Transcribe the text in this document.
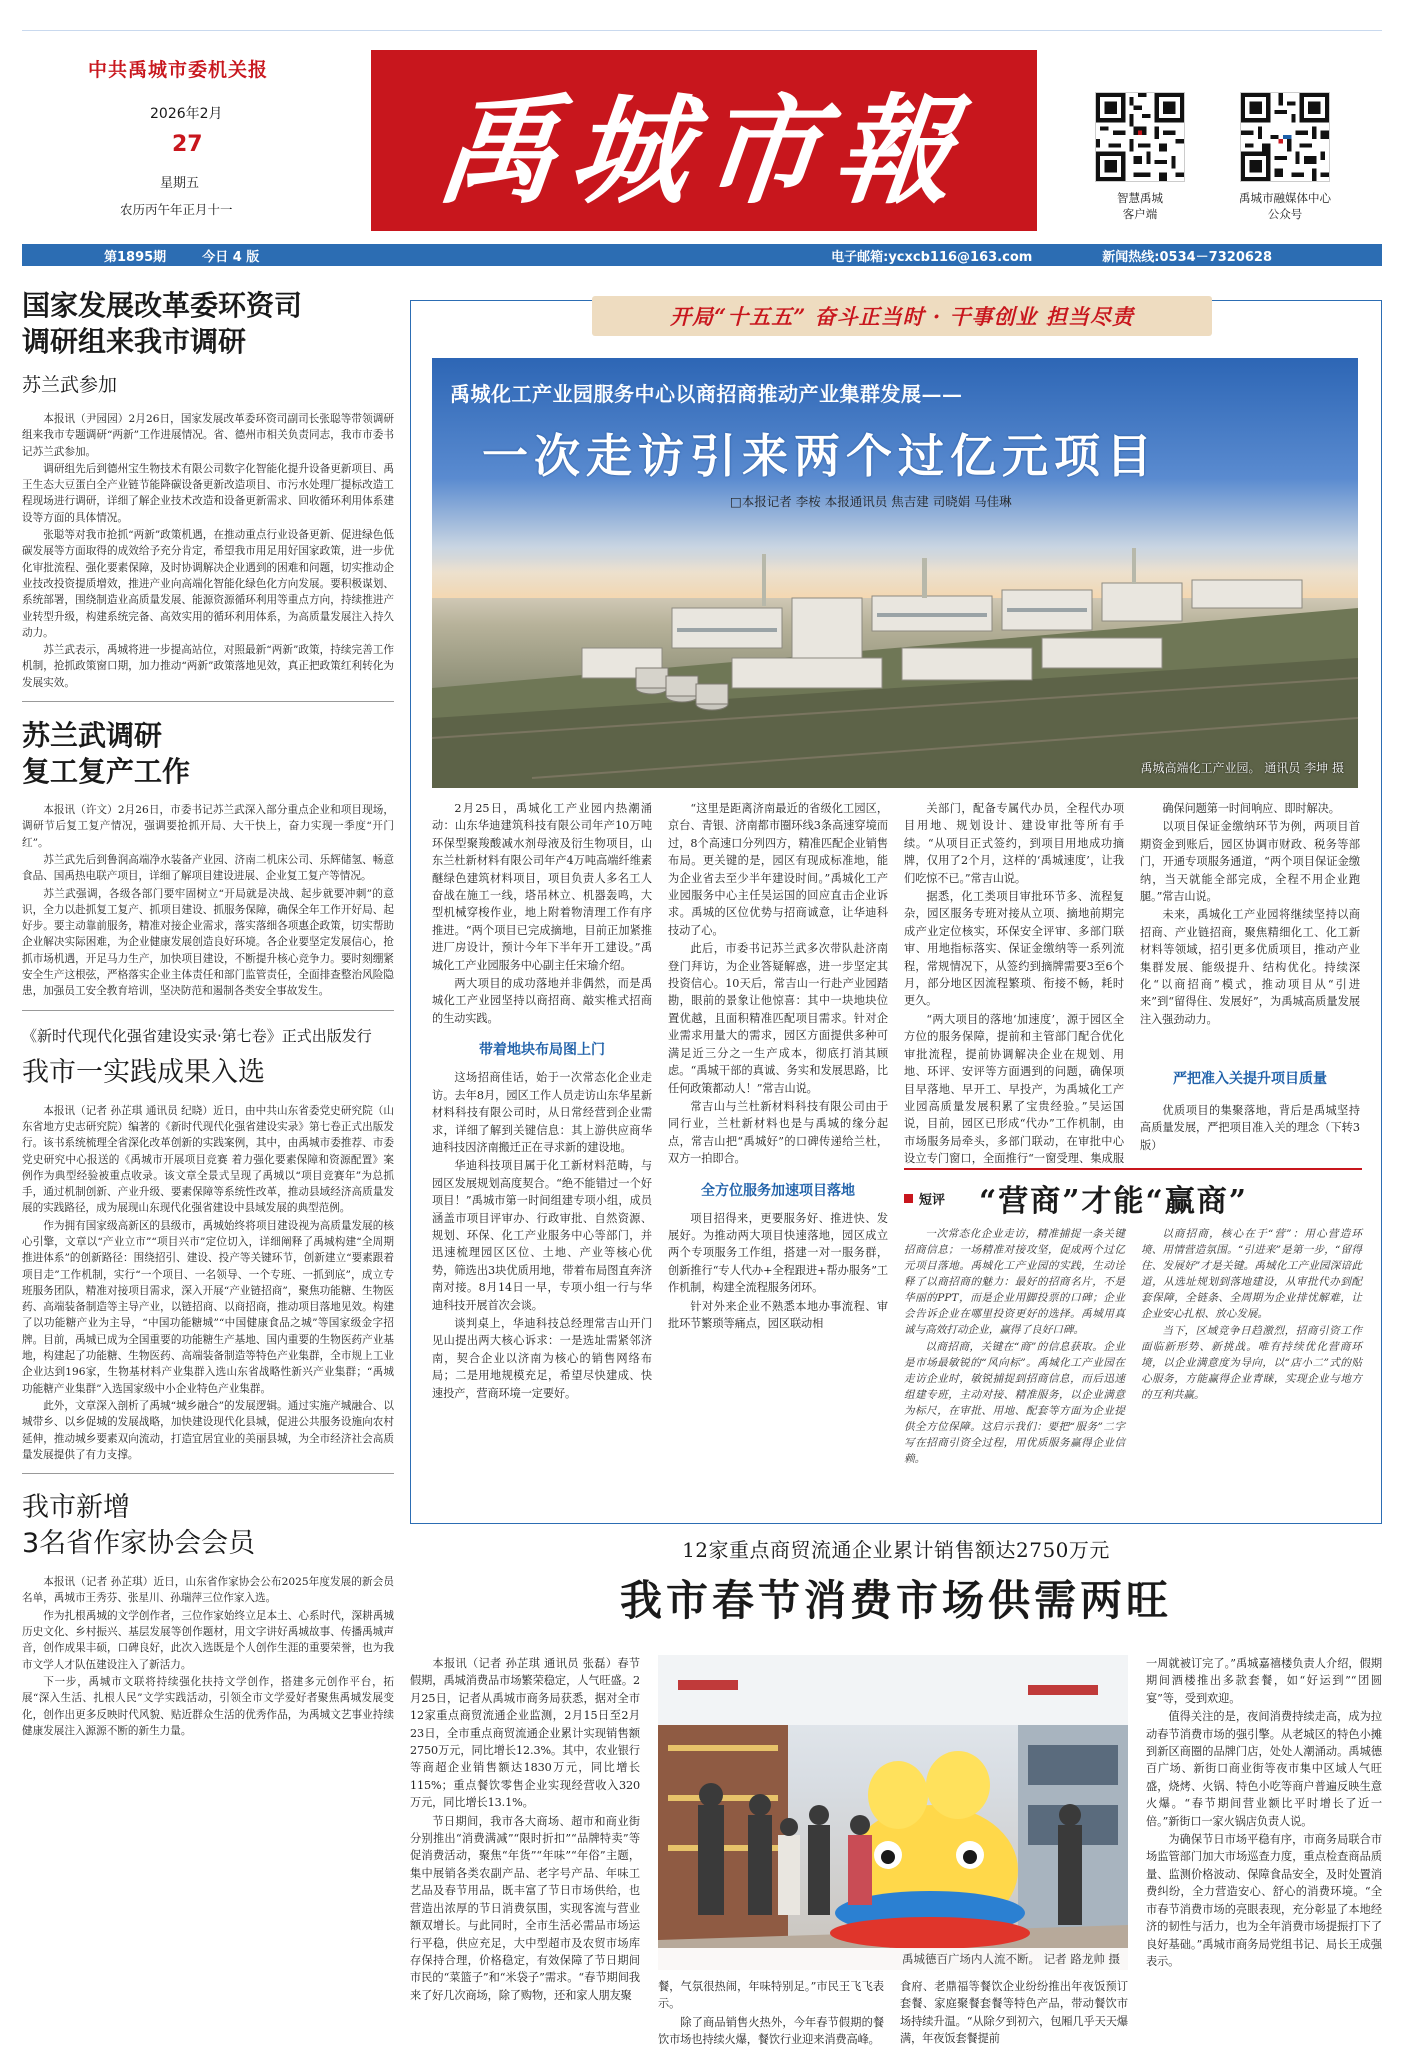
中共禹城市委机关报
2026年2月
27
星期五
农历丙午年正月十一 禹城市報	智慧禹城
客户端
禹城市融媒体中心
公众号
第1895期	今日 4 版	电子邮箱:ycxcb116@163.com	新闻热线:0534－7320628
国家发展改革委环资司
调研组来我市调研
苏兰武参加

本报讯（尹园园）2月26日，国家发展改革委环资司副司长张聪等带领调研组来我市专题调研“两新”工作进展情况。省、德州市相关负责同志，我市市委书记苏兰武参加。

调研组先后到德州宝生物技术有限公司数字化智能化提升设备更新项目、禹王生态大豆蛋白全产业链节能降碳设备更新改造项目、市污水处理厂提标改造工程现场进行调研，详细了解企业技术改造和设备更新需求、回收循环利用体系建设等方面的具体情况。

张聪等对我市抢抓“两新”政策机遇，在推动重点行业设备更新、促进绿色低碳发展等方面取得的成效给予充分肯定，希望我市用足用好国家政策，进一步优化审批流程、强化要素保障，及时协调解决企业遇到的困难和问题，切实推动企业技改投资提质增效，推进产业向高端化智能化绿色化方向发展。要积极谋划、系统部署，围绕制造业高质量发展、能源资源循环利用等重点方向，持续推进产业转型升级，构建系统完备、高效实用的循环利用体系，为高质量发展注入持久动力。

苏兰武表示，禹城将进一步提高站位，对照最新“两新”政策，持续完善工作机制，抢抓政策窗口期，加力推动“两新”政策落地见效，真正把政策红利转化为发展实效。

苏兰武调研
复工复产工作

本报讯（许文）2月26日，市委书记苏兰武深入部分重点企业和项目现场，调研节后复工复产情况，强调要抢抓开局、大干快上，奋力实现一季度“开门红”。

苏兰武先后到鲁润高端净水装备产业园、济南二机床公司、乐辉储氢、畅意食品、国禹热电联产项目，详细了解项目建设进展、企业复工复产等情况。

苏兰武强调，各级各部门要牢固树立“开局就是决战、起步就要冲刺”的意识，全力以赴抓复工复产、抓项目建设、抓服务保障，确保全年工作开好局、起好步。要主动靠前服务，精准对接企业需求，落实落细各项惠企政策，切实帮助企业解决实际困难，为企业健康发展创造良好环境。各企业要坚定发展信心，抢抓市场机遇，开足马力生产，加快项目建设，不断提升核心竞争力。要时刻绷紧安全生产这根弦，严格落实企业主体责任和部门监管责任，全面排查整治风险隐患，加强员工安全教育培训，坚决防范和遏制各类安全事故发生。

《新时代现代化强省建设实录·第七卷》正式出版发行
我市一实践成果入选

本报讯（记者 孙芷琪 通讯员 纪晓）近日，由中共山东省委党史研究院（山东省地方史志研究院）编著的《新时代现代化强省建设实录》第七卷正式出版发行。该书系统梳理全省深化改革创新的实践案例，其中，由禹城市委推荐、市委党史研究中心报送的《禹城市开展项目竞赛 着力强化要素保障和资源配置》案例作为典型经验被重点收录。该文章全景式呈现了禹城以“项目竞赛年”为总抓手，通过机制创新、产业升级、要素保障等系统性改革，推动县域经济高质量发展的实践路径，成为展现山东现代化强省建设中县域发展的典型范例。

作为拥有国家级高新区的县级市，禹城始终将项目建设视为高质量发展的核心引擎，文章以“产业立市”“项目兴市”定位切入，详细阐释了禹城构建“全周期推进体系”的创新路径：围绕招引、建设、投产等关键环节，创新建立“要素跟着项目走”工作机制，实行“一个项目、一名领导、一个专班、一抓到底”，成立专班服务团队，精准对接项目需求，深入开展“产业链招商”，聚焦功能糖、生物医药、高端装备制造等主导产业，以链招商、以商招商，推动项目落地见效。构建了以功能糖产业为主导，“中国功能糖城”“中国健康食品之城”等国家级金字招牌。目前，禹城已成为全国重要的功能糖生产基地、国内重要的生物医药产业基地，构建起了功能糖、生物医药、高端装备制造等特色产业集群，全市规上工业企业达到196家，生物基材料产业集群入选山东省战略性新兴产业集群；“禹城功能糖产业集群”入选国家级中小企业特色产业集群。

此外，文章深入剖析了禹城“城乡融合”的发展逻辑。通过实施产城融合、以城带乡、以乡促城的发展战略，加快建设现代化县城，促进公共服务设施向农村延伸，推动城乡要素双向流动，打造宜居宜业的美丽县城，为全市经济社会高质量发展提供了有力支撑。

我市新增
3名省作家协会会员

本报讯（记者 孙芷琪）近日，山东省作家协会公布2025年度发展的新会员名单，禹城市王秀芬、张星川、孙瑞萍三位作家入选。

作为扎根禹城的文学创作者，三位作家始终立足本土、心系时代，深耕禹城历史文化、乡村振兴、基层发展等创作题材，用文字讲好禹城故事、传播禹城声音，创作成果丰硕，口碑良好，此次入选既是个人创作生涯的重要荣誉，也为我市文学人才队伍建设注入了新活力。

下一步，禹城市文联将持续强化扶持文学创作，搭建多元创作平台，拓展“深入生活、扎根人民”文学实践活动，引领全市文学爱好者聚焦禹城发展变化，创作出更多反映时代风貌、贴近群众生活的优秀作品，为禹城文艺事业持续健康发展注入源源不断的新生力量。

开局“十五五” 奋斗正当时 · 干事创业 担当尽责
禹城化工产业园服务中心以商招商推动产业集群发展——
一次走访引来两个过亿元项目
□本报记者 李桉 本报通讯员 焦吉建 司晓娟 马佳琳
禹城高端化工产业园。 通讯员 李坤 摄

2月25日，禹城化工产业园内热潮涌动：山东华迪建筑科技有限公司年产10万吨环保型聚羧酸减水剂母液及衍生物项目，山东兰杜新材料有限公司年产4万吨高端纤维素醚绿色建筑材料项目，项目负责人多名工人奋战在施工一线，塔吊林立、机器轰鸣，大型机械穿梭作业，地上附着物清理工作有序推进。“两个项目已完成摘地，目前正加紧推进厂房设计，预计今年下半年开工建设。”禹城化工产业园服务中心副主任宋瑜介绍。

两大项目的成功落地并非偶然，而是禹城化工产业园坚持以商招商、敲实椎式招商的生动实践。

带着地块布局图上门

这场招商佳话，始于一次常态化企业走访。去年8月，园区工作人员走访山东华星新材料科技有限公司时，从日常经营到企业需求，详细了解到关键信息：其上游供应商华迪科技因济南搬迁正在寻求新的建设地。

华迪科技项目属于化工新材料范畴，与园区发展规划高度契合。“绝不能错过一个好项目！”禹城市第一时间组建专项小组，成员涵盖市项目评审办、行政审批、自然资源、规划、环保、化工产业服务中心等部门，并迅速梳理园区区位、土地、产业等核心优势，筛选出3块优质用地，带着布局图直奔济南对接。8月14日一早，专项小组一行与华迪科技开展首次会谈。

谈判桌上，华迪科技总经理常吉山开门见山提出两大核心诉求：一是选址需紧邻济南，契合企业以济南为核心的销售网络布局；二是用地规模充足，希望尽快建成、快速投产，营商环境一定要好。

“这里是距离济南最近的省级化工园区，京台、青银、济南都市圈环线3条高速穿境而过，8个高速口分列四方，精准匹配企业销售布局。更关键的是，园区有现成标准地，能为企业省去至少半年建设时间。”禹城化工产业园服务中心主任吴运国的回应直击企业诉求。禹城的区位优势与招商诚意，让华迪科技动了心。

此后，市委书记苏兰武多次带队赴济南登门拜访，为企业答疑解惑，进一步坚定其投资信心。10天后，常吉山一行赴产业园踏勘，眼前的景象让他惊喜：其中一块地块位置优越，且面积精准匹配项目需求。针对企业需求用量大的需求，园区方面提供多种可满足近三分之一生产成本，彻底打消其顾虑。“禹城干部的真诚、务实和发展思路，比任何政策都动人！”常吉山说。

常吉山与兰杜新材料科技有限公司由于同行业，兰杜新材料也是与禹城的缘分起点，常吉山把“禹城好”的口碑传递给兰杜，双方一拍即合。

全方位服务加速项目落地

项目招得来，更要服务好、推进快、发展好。为推动两大项目快速落地，园区成立两个专项服务工作组，搭建一对一服务群，创新推行“专人代办+全程跟进+帮办服务”工作机制，构建全流程服务闭环。

针对外来企业不熟悉本地办事流程、审批环节繁琐等痛点，园区联动相

关部门，配备专属代办员，全程代办项目用地、规划设计、建设审批等所有手续。“从项目正式签约，到项目用地成功摘牌，仅用了2个月，这样的‘禹城速度’，让我们吃惊不已。”常吉山说。

据悉，化工类项目审批环节多、流程复杂，园区服务专班对接从立项、摘地前期完成产业定位核实，环保安全评审、多部门联审、用地指标落实、保证金缴纳等一系列流程，常规情况下，从签约到摘牌需要3至6个月，部分地区因流程繁琐、衔接不畅，耗时更久。

“两大项目的落地‘加速度’，源于园区全方位的服务保障，提前和主管部门配合优化审批流程，提前协调解决企业在规划、用地、环评、安评等方面遇到的问题，确保项目早落地、早开工、早投产，为禹城化工产业园高质量发展积累了宝贵经验。”吴运国说，目前，园区已形成“代办”工作机制，由市场服务局牵头，多部门联动，在审批中心设立专门窗口，全面推行“一窗受理、集成服

确保问题第一时间响应、即时解决。

以项目保证金缴纳环节为例，两项目首期资金到账后，园区协调市财政、税务等部门，开通专项服务通道，“两个项目保证金缴纳，当天就能全部完成，全程不用企业跑腿。”常吉山说。

未来，禹城化工产业园将继续坚持以商招商、产业链招商，聚焦精细化工、化工新材料等领域，招引更多优质项目，推动产业集群发展、能级提升、结构优化。持续深化“以商招商”模式，推动项目从“引进来”到“留得住、发展好”，为禹城高质量发展注入强劲动力。

严把准入关提升项目质量

优质项目的集聚落地，背后是禹城坚持高质量发展，严把项目准入关的理念（下转3版）

短评 “营商”才能“赢商”

一次常态化企业走访，精准捕捉一条关键招商信息；一场精准对接攻坚，促成两个过亿元项目落地。禹城化工产业园的实践，生动诠释了以商招商的魅力：最好的招商名片，不是华丽的PPT，而是企业用脚投票的口碑；企业会告诉企业在哪里投资更好的选择。禹城用真诚与高效打动企业，赢得了良好口碑。

以商招商，关键在“商”的信息获取。企业是市场最敏锐的“风向标”。禹城化工产业园在走访企业时，敏锐捕捉到招商信息，而后迅速组建专班，主动对接、精准服务，以企业满意为标尺，在审批、用地、配套等方面为企业提供全方位保障。这启示我们：要把“服务”二字写在招商引资全过程，用优质服务赢得企业信赖。

以商招商，核心在于“营”：用心营造环境、用情营造氛围。“引进来”是第一步，“留得住、发展好”才是关键。禹城化工产业园深谙此道，从选址规划到落地建设，从审批代办到配套保障，全链条、全周期为企业排忧解难，让企业安心扎根、放心发展。

当下，区域竞争日趋激烈，招商引资工作面临新形势、新挑战。唯有持续优化营商环境，以企业满意度为导向，以“店小二”式的贴心服务，方能赢得企业青睐，实现企业与地方的互利共赢。

12家重点商贸流通企业累计销售额达2750万元
我市春节消费市场供需两旺

本报讯（记者 孙芷琪 通讯员 张磊）春节假期，禹城消费品市场繁荣稳定，人气旺盛。2月25日，记者从禹城市商务局获悉，据对全市12家重点商贸流通企业监测，2月15日至2月23日，全市重点商贸流通企业累计实现销售额2750万元，同比增长12.3%。其中，农业银行等商超企业销售额达1830万元，同比增长115%；重点餐饮零售企业实现经营收入320万元，同比增长13.1%。

节日期间，我市各大商场、超市和商业街分别推出“消费满减”“限时折扣”“品牌特卖”等促消费活动，聚焦“年货”“年味”“年俗”主题，集中展销各类农副产品、老字号产品、年味工艺品及春节用品，既丰富了节日市场供给，也营造出浓厚的节日消费氛围，实现客流与营业额双增长。与此同时，全市生活必需品市场运行平稳，供应充足，大中型超市及农贸市场库存保持合理，价格稳定，有效保障了节日期间市民的“菜篮子”和“米袋子”需求。“春节期间我来了好几次商场，除了购物，还和家人朋友聚

禹城德百广场内人流不断。 记者 路龙帅 摄

餐，气氛很热闹，年味特别足。”市民王飞飞表示。

除了商品销售火热外，今年春节假期的餐饮市场也持续火爆，餐饮行业迎来消费高峰。

食府、老鼎福等餐饮企业纷纷推出年夜饭预订套餐、家庭聚餐套餐等特色产品，带动餐饮市场持续升温。“从除夕到初六，包厢几乎天天爆满，年夜饭套餐提前

一周就被订完了。”禹城嘉禧楼负责人介绍，假期期间酒楼推出多款套餐，如“好运到”“团圆宴”等，受到欢迎。

值得关注的是，夜间消费持续走高，成为拉动春节消费市场的强引擎。从老城区的特色小摊到新区商圈的品牌门店，处处人潮涌动。禹城德百广场、新街口商业街等夜市集中区域人气旺盛，烧烤、火锅、特色小吃等商户普遍反映生意火爆。“春节期间营业额比平时增长了近一倍。”新街口一家火锅店负责人说。

为确保节日市场平稳有序，市商务局联合市场监管部门加大市场巡查力度，重点检查商品质量、监测价格波动、保障食品安全，及时处置消费纠纷，全力营造安心、舒心的消费环境。“全市春节消费市场的亮眼表现，充分彰显了本地经济的韧性与活力，也为全年消费市场提振打下了良好基础。”禹城市商务局党组书记、局长王成强表示。
